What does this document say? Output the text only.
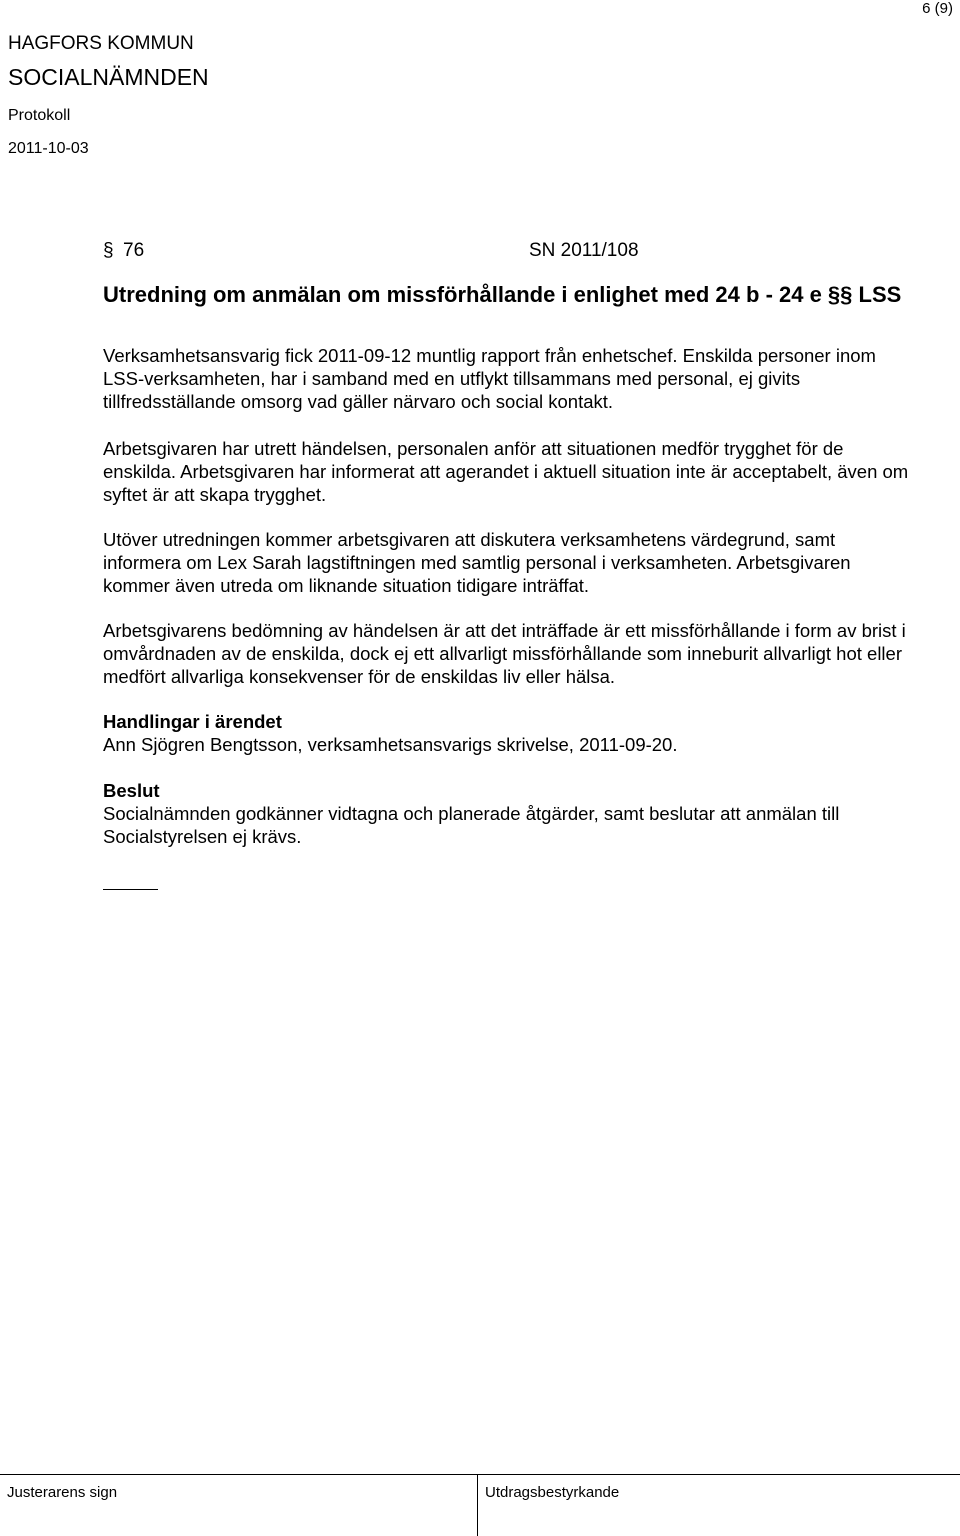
6 (9)
HAGFORS KOMMUN
SOCIALNÄMNDEN
Protokoll
2011-10-03
§ 76	SN 2011/108
Utredning om anmälan om missförhållande i enlighet med 24 b - 24 e §§ LSS
Verksamhetsansvarig fick 2011-09-12 muntlig rapport från enhetschef. Enskilda personer inom LSS-verksamheten, har i samband med en utflykt tillsammans med personal, ej givits tillfredsställande omsorg vad gäller närvaro och social kontakt.
Arbetsgivaren har utrett händelsen, personalen anför att situationen medför trygghet för de enskilda. Arbetsgivaren har informerat att agerandet i aktuell situation inte är acceptabelt, även om syftet är att skapa trygghet.
Utöver utredningen kommer arbetsgivaren att diskutera verksamhetens värdegrund, samt informera om Lex Sarah lagstiftningen med samtlig personal i verksamheten. Arbetsgivaren kommer även utreda om liknande situation tidigare inträffat.
Arbetsgivarens bedömning av händelsen är att det inträffade är ett missförhållande i form av brist i omvårdnaden av de enskilda, dock ej ett allvarligt missförhållande som inneburit allvarligt hot eller medfört allvarliga konsekvenser för de enskildas liv eller hälsa.
Handlingar i ärendet
Ann Sjögren Bengtsson, verksamhetsansvarigs skrivelse, 2011-09-20.
Beslut
Socialnämnden godkänner vidtagna och planerade åtgärder, samt beslutar att anmälan till Socialstyrelsen ej krävs.
Justerarens sign	Utdragsbestyrkande
